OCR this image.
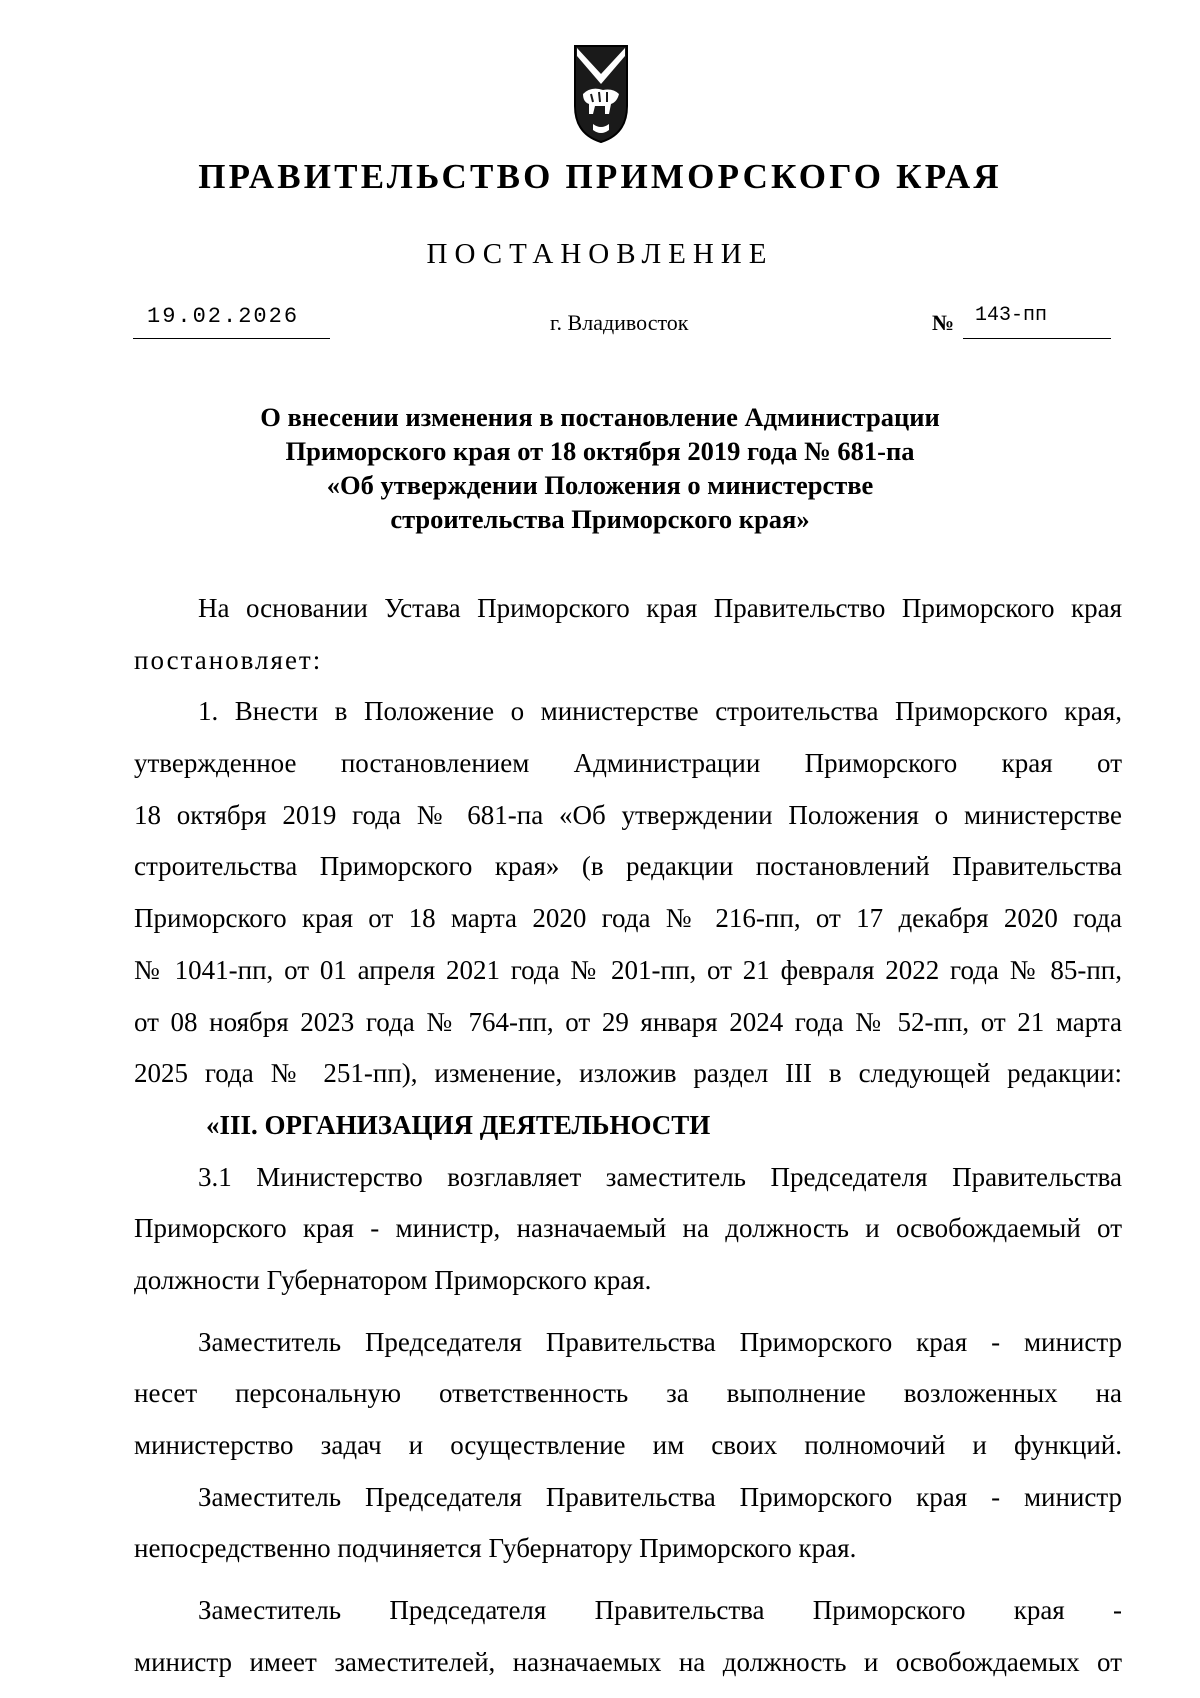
ПРАВИТЕЛЬСТВО ПРИМОРСКОГО КРАЯ
ПОСТАНОВЛЕНИЕ
19.02.2026	г. Владивосток	№	143-пп
О внесении изменения в постановление Администрации
Приморского края от 18 октября 2019 года № 681-па
«Об утверждении Положения о министерстве
строительства Приморского края»
На основании Устава Приморского края Правительство Приморского края
постановляет:
1. Внести в Положение о министерстве строительства Приморского края,
утвержденное постановлением Администрации Приморского края от
18 октября 2019 года № 681-па «Об утверждении Положения о министерстве
строительства Приморского края» (в редакции постановлений Правительства
Приморского края от 18 марта 2020 года № 216-пп, от 17 декабря 2020 года
№ 1041-пп, от 01 апреля 2021 года № 201-пп, от 21 февраля 2022 года № 85-пп,
от 08 ноября 2023 года № 764-пп, от 29 января 2024 года № 52-пп, от 21 марта
2025 года № 251-пп), изменение, изложив раздел III в следующей редакции:
«III. ОРГАНИЗАЦИЯ ДЕЯТЕЛЬНОСТИ
3.1 Министерство возглавляет заместитель Председателя Правительства
Приморского края - министр, назначаемый на должность и освобождаемый от
должности Губернатором Приморского края.
Заместитель Председателя Правительства Приморского края - министр
несет персональную ответственность за выполнение возложенных на
министерство задач и осуществление им своих полномочий и функций.
Заместитель Председателя Правительства Приморского края - министр
непосредственно подчиняется Губернатору Приморского края.
Заместитель Председателя Правительства Приморского края -
министр имеет заместителей, назначаемых на должность и освобождаемых от
